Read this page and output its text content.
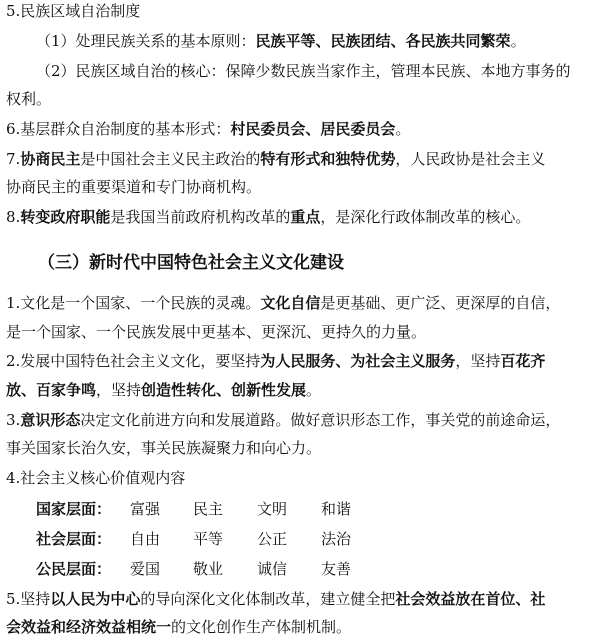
5.民族区域自治制度
（1）处理民族关系的基本原则：民族平等、民族团结、各民族共同繁荣。
（2）民族区域自治的核心：保障少数民族当家作主，管理本民族、本地方事务的
权利。
6.基层群众自治制度的基本形式：村民委员会、居民委员会。
7.协商民主是中国社会主义民主政治的特有形式和独特优势，人民政协是社会主义
协商民主的重要渠道和专门协商机构。
8.转变政府职能是我国当前政府机构改革的重点，是深化行政体制改革的核心。
（三）新时代中国特色社会主义文化建设
1.文化是一个国家、一个民族的灵魂。文化自信是更基础、更广泛、更深厚的自信，
是一个国家、一个民族发展中更基本、更深沉、更持久的力量。
2.发展中国特色社会主义文化，要坚持为人民服务、为社会主义服务，坚持百花齐
放、百家争鸣，坚持创造性转化、创新性发展。
3.意识形态决定文化前进方向和发展道路。做好意识形态工作，事关党的前途命运，
事关国家长治久安，事关民族凝聚力和向心力。
4.社会主义核心价值观内容
国家层面：	富强 民主 文明 和谐
社会层面：	自由 平等 公正 法治
公民层面：	爱国 敬业 诚信 友善
5.坚持以人民为中心的导向深化文化体制改革，建立健全把社会效益放在首位、社
会效益和经济效益相统一的文化创作生产体制机制。
